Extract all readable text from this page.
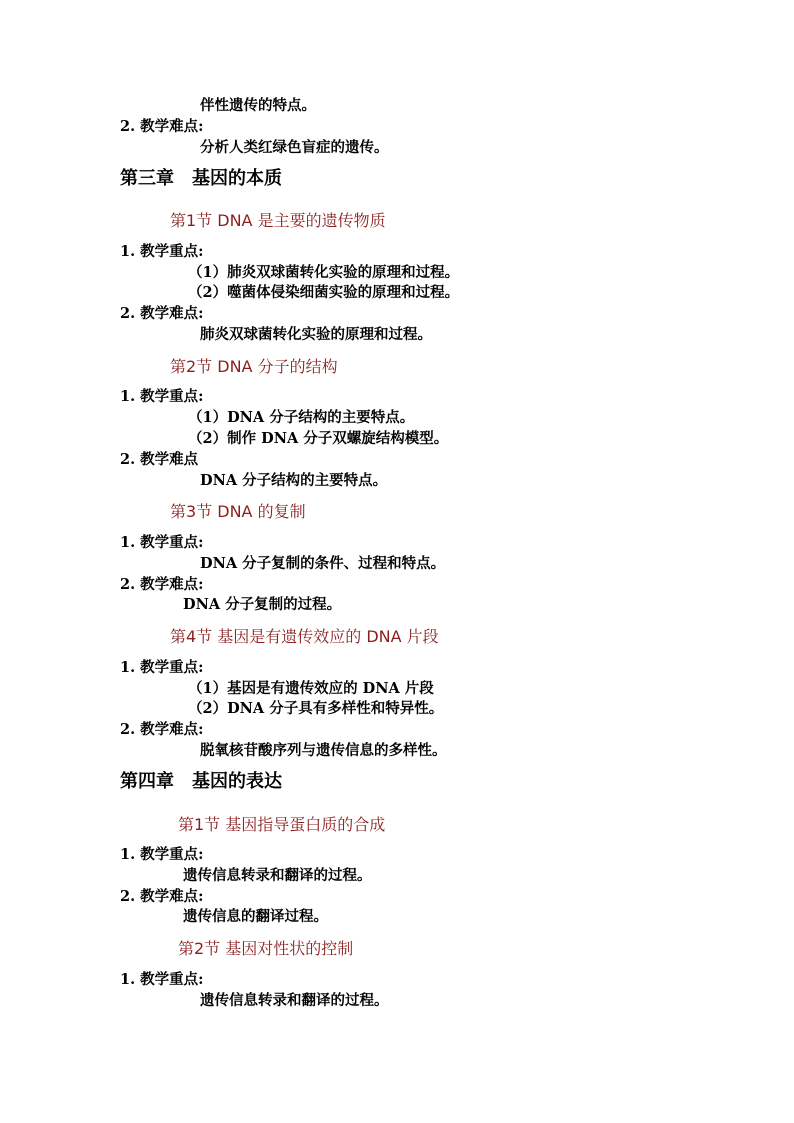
伴性遗传的特点。
2. 教学难点:
分析人类红绿色盲症的遗传。
第三章　基因的本质
第1节 DNA 是主要的遗传物质
1. 教学重点:
（1）肺炎双球菌转化实验的原理和过程。
（2）噬菌体侵染细菌实验的原理和过程。
2. 教学难点:
肺炎双球菌转化实验的原理和过程。
第2节 DNA 分子的结构
1. 教学重点:
（1）DNA 分子结构的主要特点。
（2）制作 DNA 分子双螺旋结构模型。
2. 教学难点
DNA 分子结构的主要特点。
第3节 DNA 的复制
1. 教学重点:
DNA 分子复制的条件、过程和特点。
2. 教学难点:
DNA 分子复制的过程。
第4节 基因是有遗传效应的 DNA 片段
1. 教学重点:
（1）基因是有遗传效应的 DNA 片段
（2）DNA 分子具有多样性和特异性。
2. 教学难点:
脱氧核苷酸序列与遗传信息的多样性。
第四章　基因的表达
第1节 基因指导蛋白质的合成
1. 教学重点:
遗传信息转录和翻译的过程。
2. 教学难点:
遗传信息的翻译过程。
第2节 基因对性状的控制
1. 教学重点:
遗传信息转录和翻译的过程。
